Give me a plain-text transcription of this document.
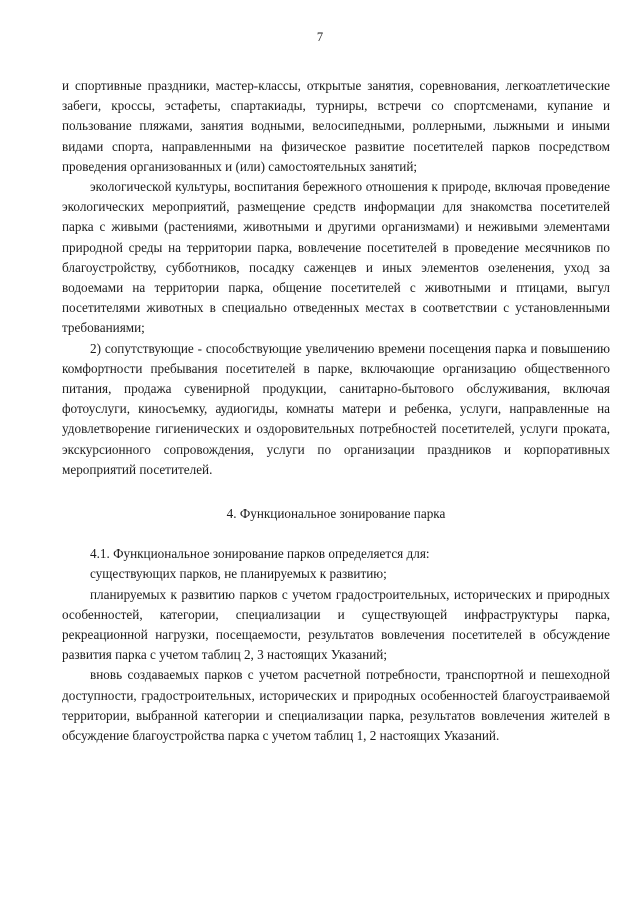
7

и спортивные праздники, мастер-классы, открытые занятия, соревнования, легкоатлетические забеги, кроссы, эстафеты, спартакиады, турниры, встречи со спортсменами, купание и пользование пляжами, занятия водными, велосипедными, роллерными, лыжными и иными видами спорта, направленными на физическое развитие посетителей парков посредством проведения организованных и (или) самостоятельных занятий;

экологической культуры, воспитания бережного отношения к природе, включая проведение экологических мероприятий, размещение средств информации для знакомства посетителей парка с живыми (растениями, животными и другими организмами) и неживыми элементами природной среды на территории парка, вовлечение посетителей в проведение месячников по благоустройству, субботников, посадку саженцев и иных элементов озеленения, уход за водоемами на территории парка, общение посетителей с животными и птицами, выгул посетителями животных в специально отведенных местах в соответствии с установленными требованиями;

2) сопутствующие - способствующие увеличению времени посещения парка и повышению комфортности пребывания посетителей в парке, включающие организацию общественного питания, продажа сувенирной продукции, санитарно-бытового обслуживания, включая фотоуслуги, киносъемку, аудиогиды, комнаты матери и ребенка, услуги, направленные на удовлетворение гигиенических и оздоровительных потребностей посетителей, услуги проката, экскурсионного сопровождения, услуги по организации праздников и корпоративных мероприятий посетителей.

4. Функциональное зонирование парка

4.1. Функциональное зонирование парков определяется для:

существующих парков, не планируемых к развитию;

планируемых к развитию парков с учетом градостроительных, исторических и природных особенностей, категории, специализации и существующей инфраструктуры парка, рекреационной нагрузки, посещаемости, результатов вовлечения посетителей в обсуждение развития парка с учетом таблиц 2, 3 настоящих Указаний;

вновь создаваемых парков с учетом расчетной потребности, транспортной и пешеходной доступности, градостроительных, исторических и природных особенностей благоустраиваемой территории, выбранной категории и специализации парка, результатов вовлечения жителей в обсуждение благоустройства парка с учетом таблиц 1, 2 настоящих Указаний.
